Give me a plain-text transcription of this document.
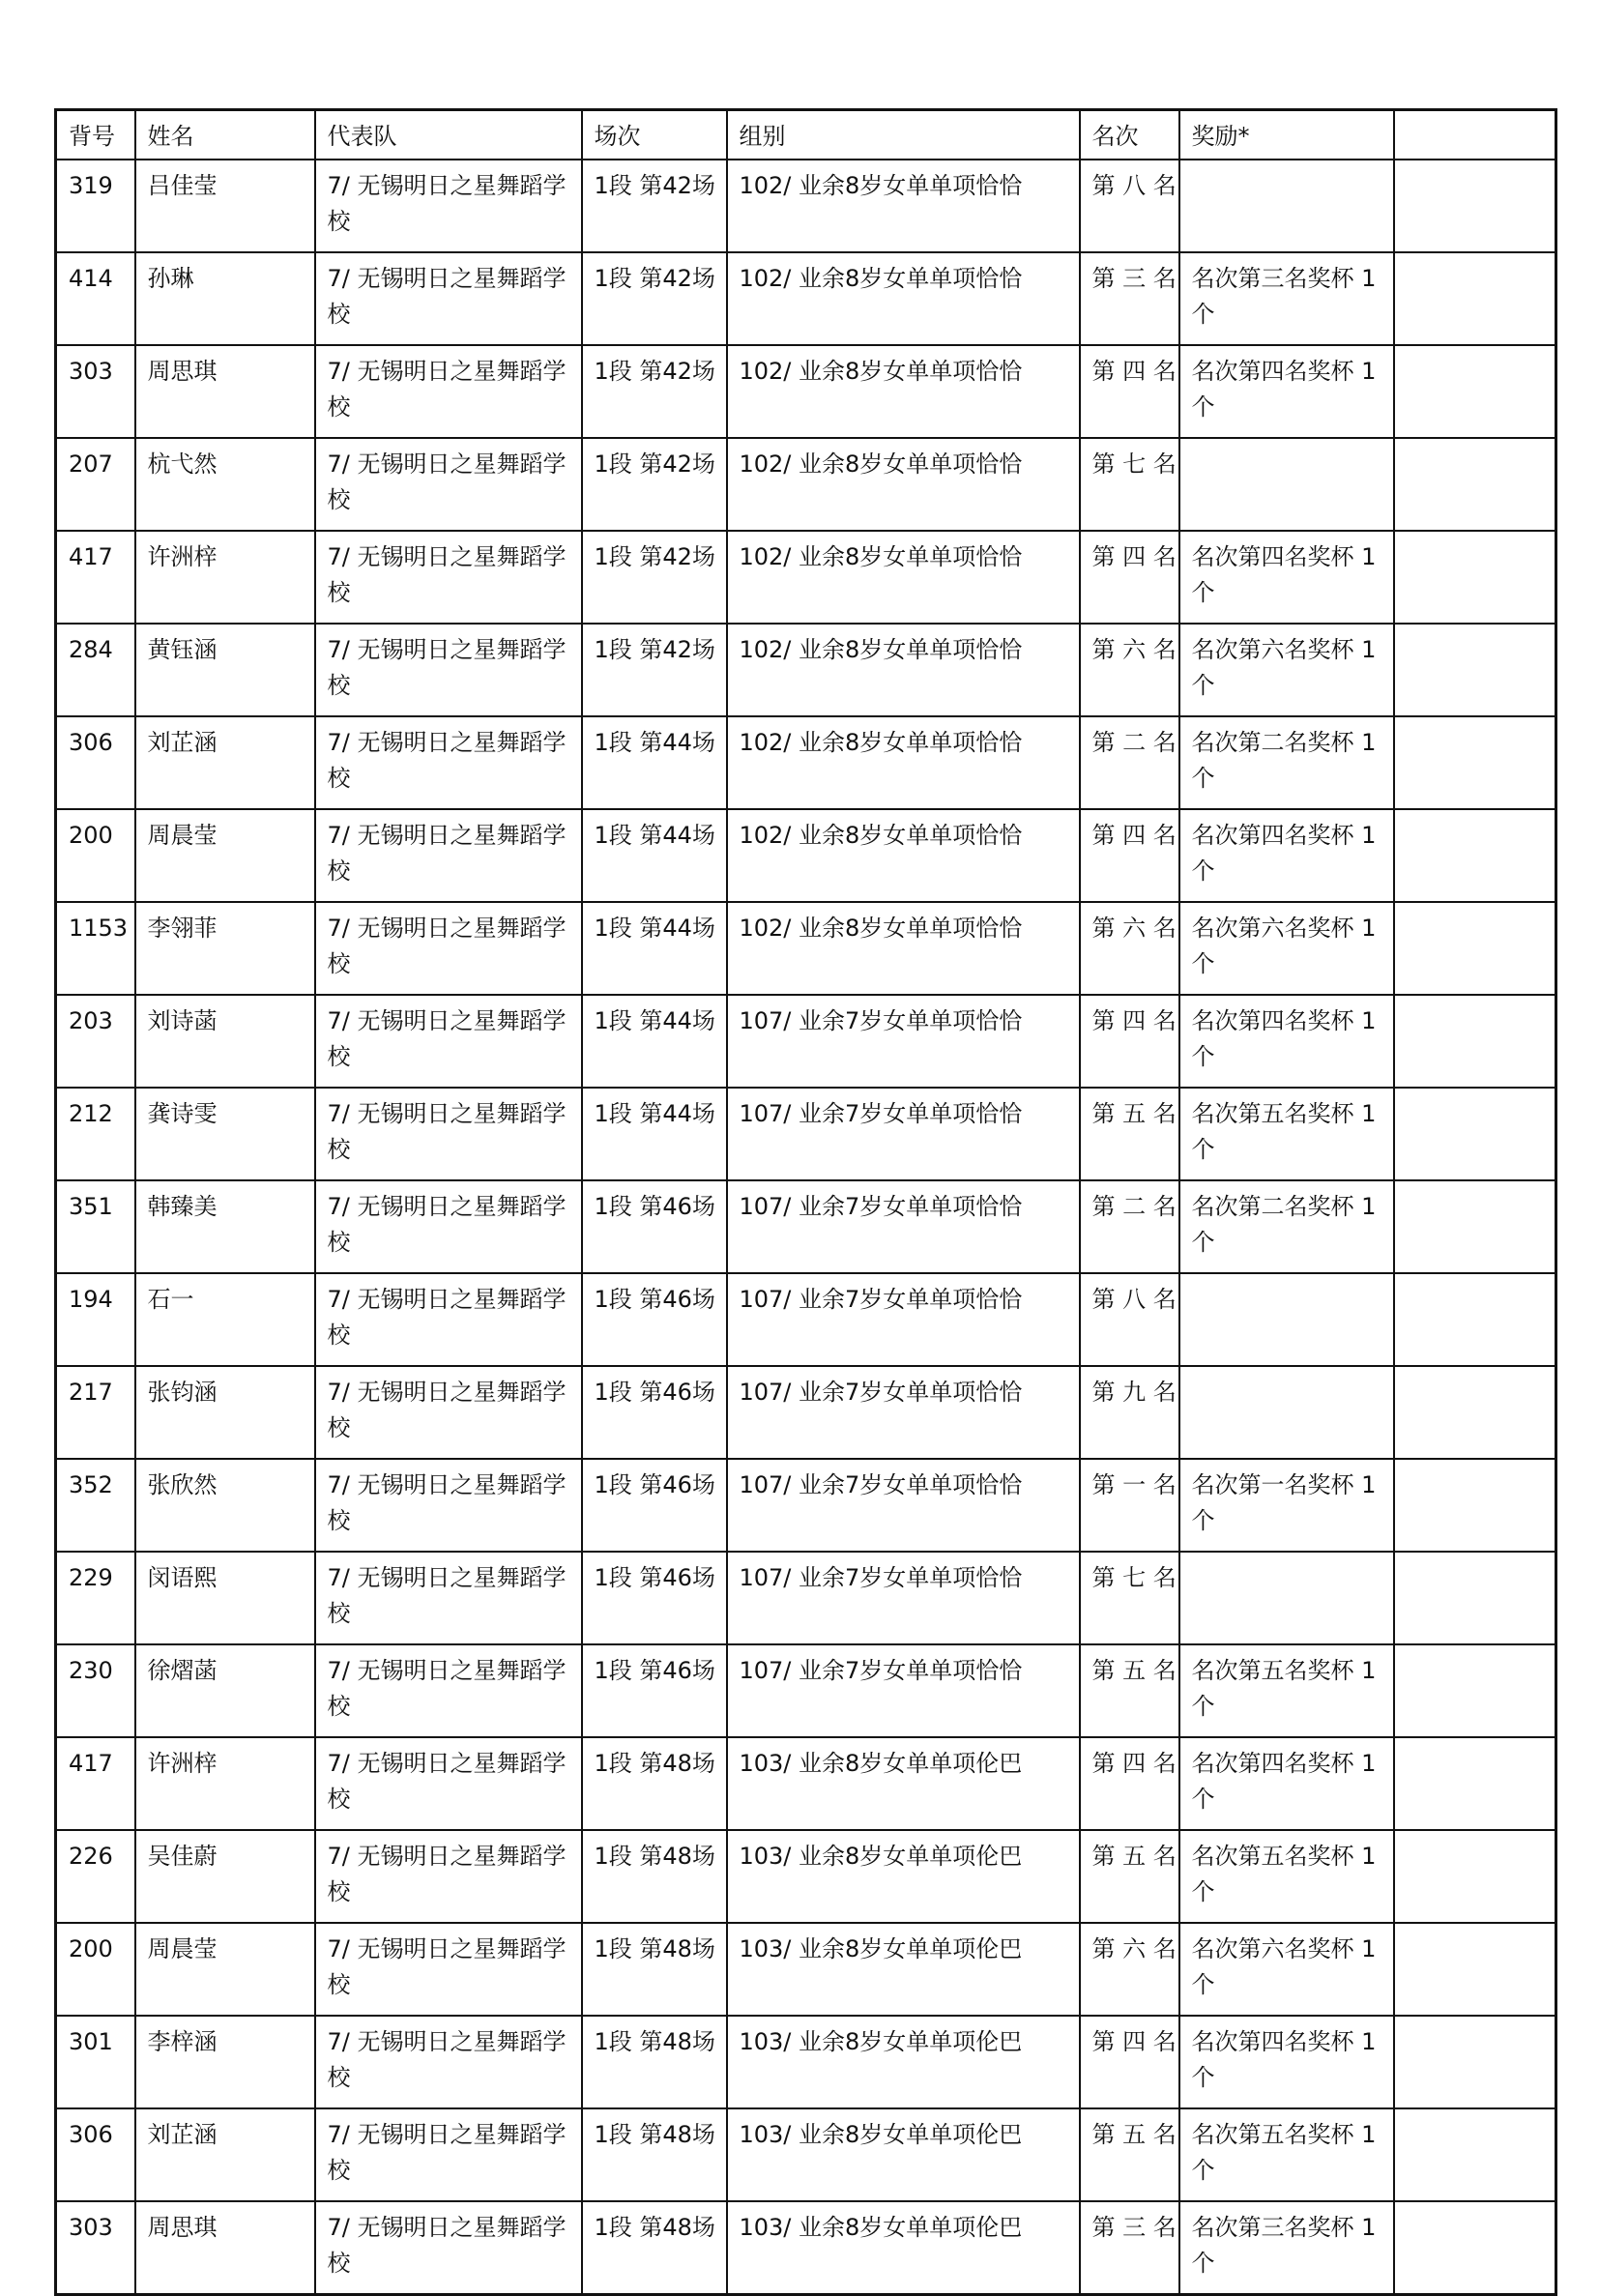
背号	姓名	代表队	场次	组别	名次	奖励*	
319	吕佳莹	7/ 无锡明日之星舞蹈学校	1段 第42场	102/ 业余8岁女单单项恰恰	第 八 名		
414	孙琳	7/ 无锡明日之星舞蹈学校	1段 第42场	102/ 业余8岁女单单项恰恰	第 三 名	名次第三名奖杯 1 个	
303	周思琪	7/ 无锡明日之星舞蹈学校	1段 第42场	102/ 业余8岁女单单项恰恰	第 四 名	名次第四名奖杯 1 个	
207	杭弋然	7/ 无锡明日之星舞蹈学校	1段 第42场	102/ 业余8岁女单单项恰恰	第 七 名		
417	许洲梓	7/ 无锡明日之星舞蹈学校	1段 第42场	102/ 业余8岁女单单项恰恰	第 四 名	名次第四名奖杯 1 个	
284	黄钰涵	7/ 无锡明日之星舞蹈学校	1段 第42场	102/ 业余8岁女单单项恰恰	第 六 名	名次第六名奖杯 1 个	
306	刘芷涵	7/ 无锡明日之星舞蹈学校	1段 第44场	102/ 业余8岁女单单项恰恰	第 二 名	名次第二名奖杯 1 个	
200	周晨莹	7/ 无锡明日之星舞蹈学校	1段 第44场	102/ 业余8岁女单单项恰恰	第 四 名	名次第四名奖杯 1 个	
1153	李翎菲	7/ 无锡明日之星舞蹈学校	1段 第44场	102/ 业余8岁女单单项恰恰	第 六 名	名次第六名奖杯 1 个	
203	刘诗菡	7/ 无锡明日之星舞蹈学校	1段 第44场	107/ 业余7岁女单单项恰恰	第 四 名	名次第四名奖杯 1 个	
212	龚诗雯	7/ 无锡明日之星舞蹈学校	1段 第44场	107/ 业余7岁女单单项恰恰	第 五 名	名次第五名奖杯 1 个	
351	韩臻美	7/ 无锡明日之星舞蹈学校	1段 第46场	107/ 业余7岁女单单项恰恰	第 二 名	名次第二名奖杯 1 个	
194	石一	7/ 无锡明日之星舞蹈学校	1段 第46场	107/ 业余7岁女单单项恰恰	第 八 名		
217	张钧涵	7/ 无锡明日之星舞蹈学校	1段 第46场	107/ 业余7岁女单单项恰恰	第 九 名		
352	张欣然	7/ 无锡明日之星舞蹈学校	1段 第46场	107/ 业余7岁女单单项恰恰	第 一 名	名次第一名奖杯 1 个	
229	闵语熙	7/ 无锡明日之星舞蹈学校	1段 第46场	107/ 业余7岁女单单项恰恰	第 七 名		
230	徐熠菡	7/ 无锡明日之星舞蹈学校	1段 第46场	107/ 业余7岁女单单项恰恰	第 五 名	名次第五名奖杯 1 个	
417	许洲梓	7/ 无锡明日之星舞蹈学校	1段 第48场	103/ 业余8岁女单单项伦巴	第 四 名	名次第四名奖杯 1 个	
226	吴佳蔚	7/ 无锡明日之星舞蹈学校	1段 第48场	103/ 业余8岁女单单项伦巴	第 五 名	名次第五名奖杯 1 个	
200	周晨莹	7/ 无锡明日之星舞蹈学校	1段 第48场	103/ 业余8岁女单单项伦巴	第 六 名	名次第六名奖杯 1 个	
301	李梓涵	7/ 无锡明日之星舞蹈学校	1段 第48场	103/ 业余8岁女单单项伦巴	第 四 名	名次第四名奖杯 1 个	
306	刘芷涵	7/ 无锡明日之星舞蹈学校	1段 第48场	103/ 业余8岁女单单项伦巴	第 五 名	名次第五名奖杯 1 个	
303	周思琪	7/ 无锡明日之星舞蹈学校	1段 第48场	103/ 业余8岁女单单项伦巴	第 三 名	名次第三名奖杯 1 个	
